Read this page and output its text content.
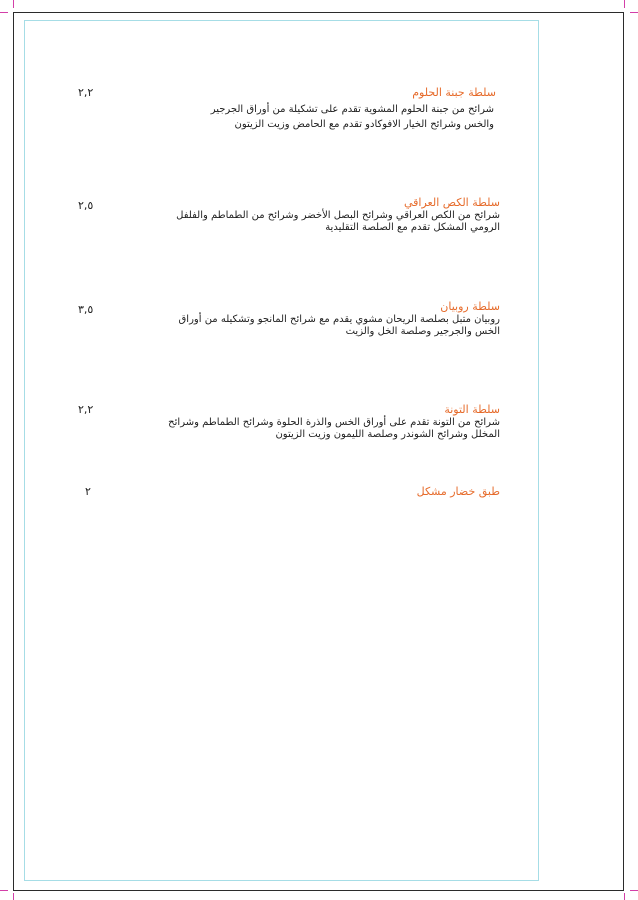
سلطة جبنة الحلوم
شرائح من جبنة الحلوم المشوية تقدم على تشكيلة من أوراق الجرجير
والخس وشرائح الخيار الافوكادو تقدم مع الحامض وزيت الزيتون
٢,٢
سلطة الكص العراقي
شرائح من الكص العراقي وشرائح البصل الأخضر وشرائح من الطماطم والفلفل
الرومي المشكل تقدم مع الصلصة التقليدية
٢,٥
سلطة روبيان
روبيان متبل بصلصة الريحان مشوي يقدم مع شرائح المانجو وتشكيله من أوراق
الخس والجرجير وصلصة الخل والزيت
٣,٥
سلطة التونة
شرائح من التونة تقدم على أوراق الخس والذرة الحلوة وشرائح الطماطم وشرائح
المخلل وشرائح الشوندر وصلصة الليمون وزيت الزيتون
٢,٢
طبق خضار مشكل
٢
